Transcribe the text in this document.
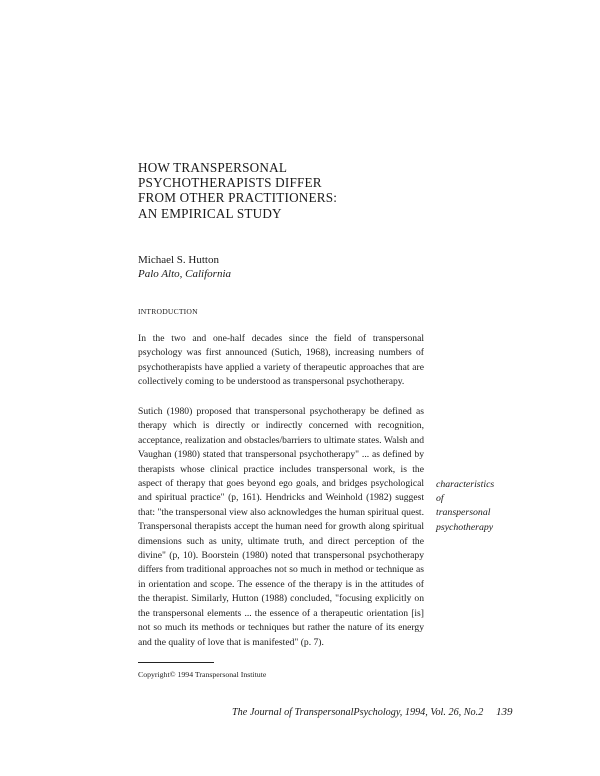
HOW TRANSPERSONAL
PSYCHOTHERAPISTS DIFFER
FROM OTHER PRACTITIONERS:
AN EMPIRICAL STUDY
Michael S. Hutton
Palo Alto, California
INTRODUCTION

In the two and one-half decades since the field of transpersonal psychology was first announced (Sutich, 1968), increasing numbers of psychotherapists have applied a variety of therapeutic approaches that are collectively coming to be understood as transpersonal psychotherapy.

Sutich (1980) proposed that transpersonal psychotherapy be defined as therapy which is directly or indirectly concerned with recognition, acceptance, realization and obstacles/barriers to ultimate states. Walsh and Vaughan (1980) stated that transpersonal psychotherapy" ... as defined by therapists whose clinical practice includes transpersonal work, is the aspect of therapy that goes beyond ego goals, and bridges psychological and spiritual practice" (p, 161). Hendricks and Weinhold (1982) suggest that: "the transpersonal view also acknowledges the human spiritual quest. Transpersonal therapists accept the human need for growth along spiritual dimensions such as unity, ultimate truth, and direct perception of the divine" (p, 10). Boorstein (1980) noted that transpersonal psychotherapy differs from traditional approaches not so much in method or technique as in orientation and scope. The essence of the therapy is in the attitudes of the therapist. Similarly, Hutton (1988) concluded, "focusing explicitly on the transpersonal elements ... the essence of a therapeutic orientation [is] not so much its methods or techniques but rather the nature of its energy and the quality of love that is manifested" (p. 7).

characteristics
of
transpersonal
psychotherapy
Copyright© 1994 Transpersonal Institute
The Journal of TranspersonalPsychology, 1994, Vol. 26, No.2 139
